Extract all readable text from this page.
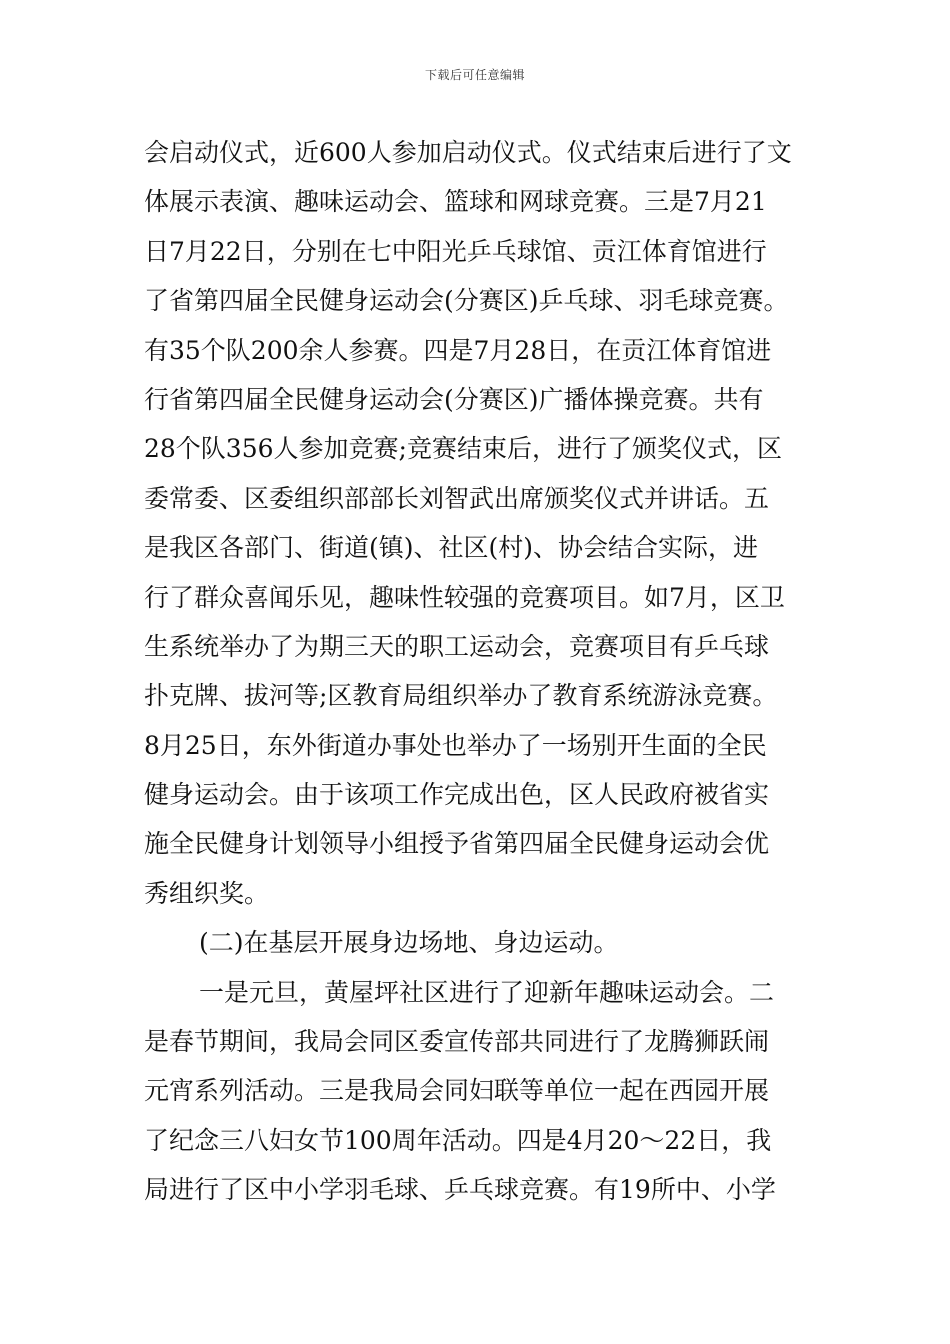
下载后可任意编辑
会启动仪式，近600人参加启动仪式。仪式结束后进行了文
体展示表演、趣味运动会、篮球和网球竞赛。三是7月21
日7月22日，分别在七中阳光乒乓球馆、贡江体育馆进行
了省第四届全民健身运动会(分赛区)乒乓球、羽毛球竞赛。
有35个队200余人参赛。四是7月28日，在贡江体育馆进
行省第四届全民健身运动会(分赛区)广播体操竞赛。共有
28个队356人参加竞赛;竞赛结束后，进行了颁奖仪式，区
委常委、区委组织部部长刘智武出席颁奖仪式并讲话。五
是我区各部门、街道(镇)、社区(村)、协会结合实际，进
行了群众喜闻乐见，趣味性较强的竞赛项目。如7月，区卫
生系统举办了为期三天的职工运动会，竞赛项目有乒乓球
扑克牌、拔河等;区教育局组织举办了教育系统游泳竞赛。
8月25日，东外街道办事处也举办了一场别开生面的全民
健身运动会。由于该项工作完成出色，区人民政府被省实
施全民健身计划领导小组授予省第四届全民健身运动会优
秀组织奖。
(二)在基层开展身边场地、身边运动。
一是元旦，黄屋坪社区进行了迎新年趣味运动会。二
是春节期间，我局会同区委宣传部共同进行了龙腾狮跃闹
元宵系列活动。三是我局会同妇联等单位一起在西园开展
了纪念三八妇女节100周年活动。四是4月20～22日，我
局进行了区中小学羽毛球、乒乓球竞赛。有19所中、小学
